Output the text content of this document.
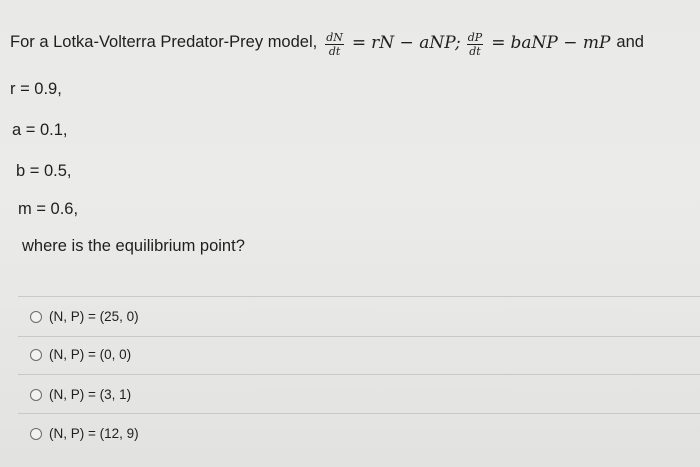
For a Lotka-Volterra Predator-Prey model, $\frac{dN}{dt}$ = rN − aNP; $\frac{dP}{dt}$ = baNP − mP and
r = 0.9,
a = 0.1,
b = 0.5,
m = 0.6,
where is the equilibrium point?
(N, P) = (25, 0)
(N, P) = (0, 0)
(N, P) = (3, 1)
(N, P) = (12, 9)
